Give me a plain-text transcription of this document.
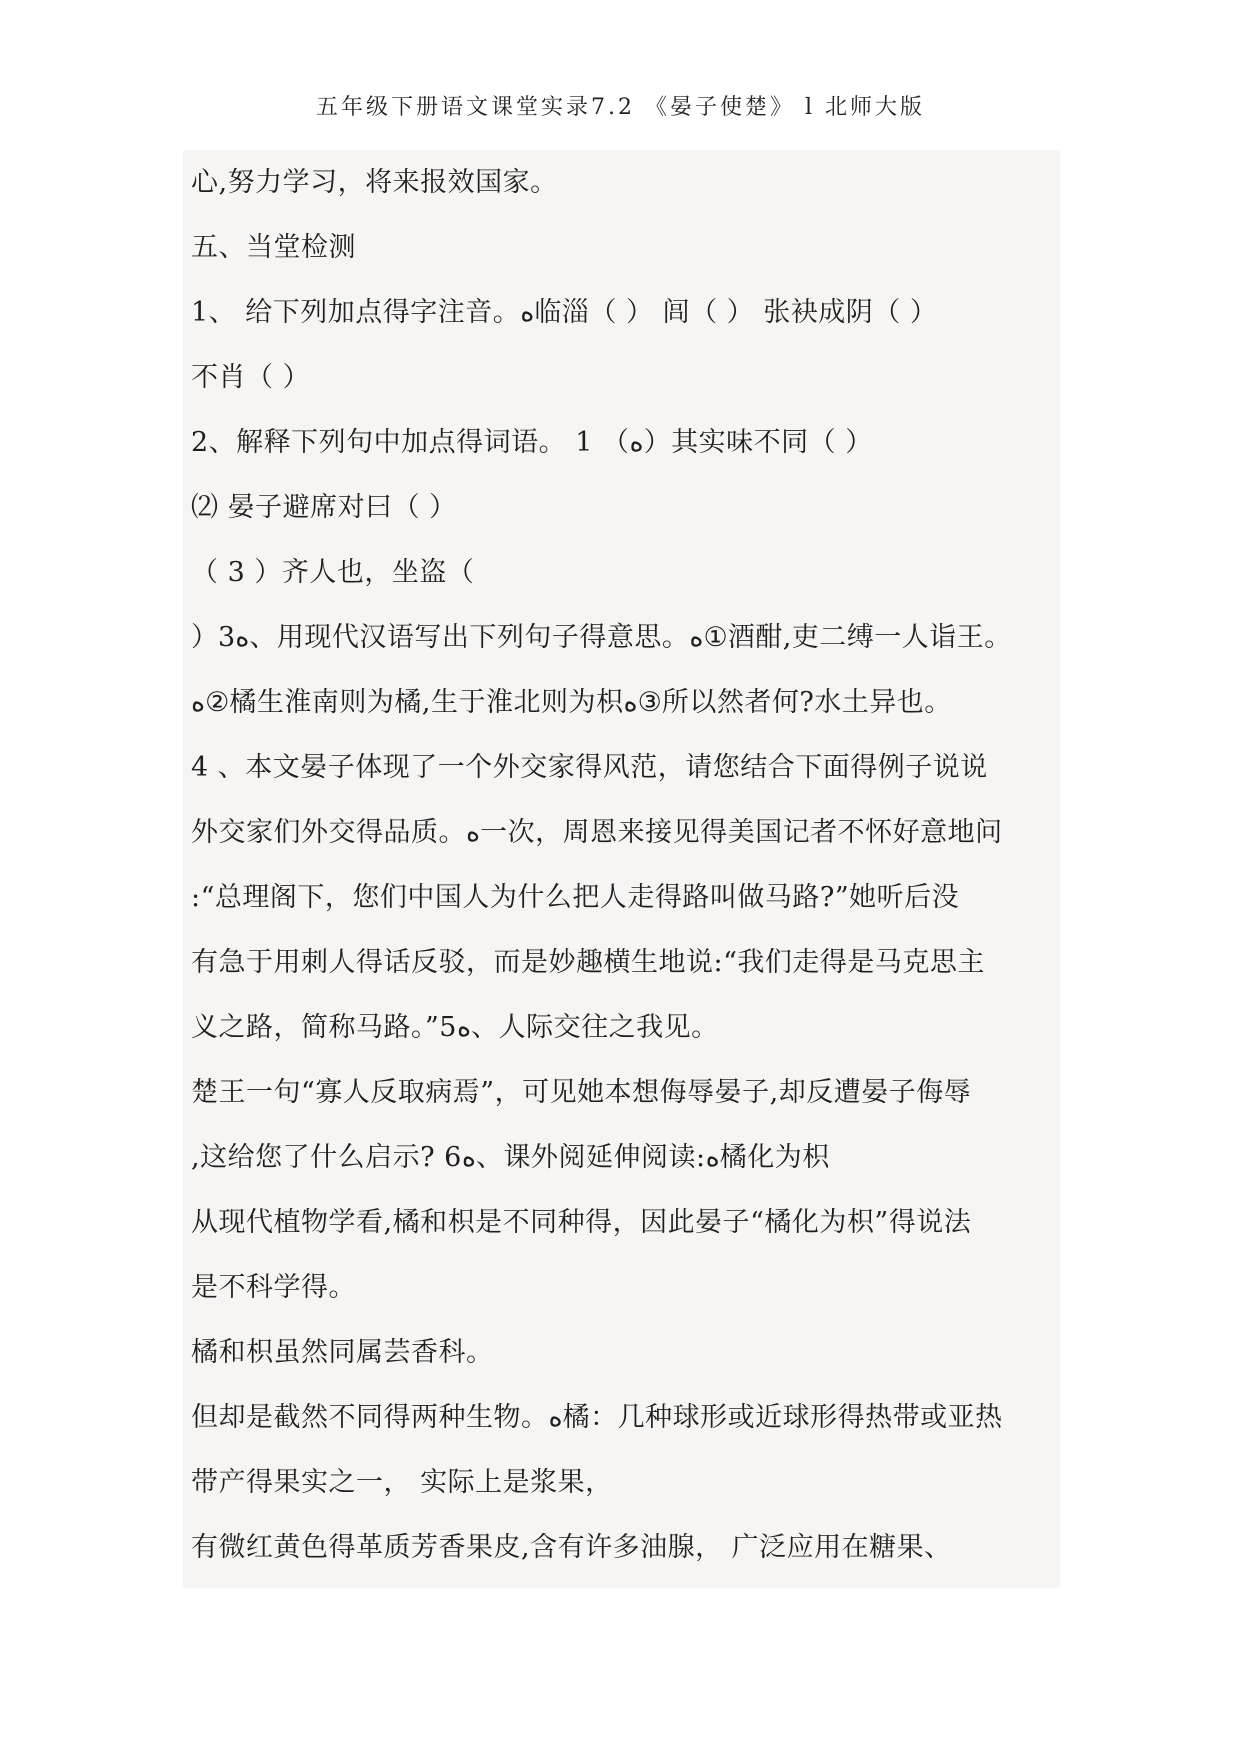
五年级下册语文课堂实录7.2 《晏子使楚》 l 北师大版
心,努力学习，将来报效国家。
五、当堂检测
1、 给下列加点得字注音。ﻩ临淄（ ） 闾（ ） 张袂成阴（ ）
不肖（ ）
2、解释下列句中加点得词语。 1 （ﻩ）其实味不同（ ）
⑵ 晏子避席对曰（ ）
（ 3 ）齐人也，坐盗（
）3ﻩ、用现代汉语写出下列句子得意思。ﻩ①酒酣,吏二缚一人诣王。
ﻩ②橘生淮南则为橘,生于淮北则为枳ﻩ③所以然者何?水土异也。
4 、本文晏子体现了一个外交家得风范，请您结合下面得例子说说
外交家们外交得品质。ﻩ一次，周恩来接见得美国记者不怀好意地问
:“总理阁下，您们中国人为什么把人走得路叫做马路?”她听后没
有急于用刺人得话反驳，而是妙趣横生地说:“我们走得是马克思主
义之路，简称马路。”5ﻩ、人际交往之我见。
楚王一句“寡人反取病焉”，可见她本想侮辱晏子,却反遭晏子侮辱
,这给您了什么启示? 6ﻩ、课外阅延伸阅读:ﻩ橘化为枳
从现代植物学看,橘和枳是不同种得，因此晏子“橘化为枳”得说法
是不科学得。
橘和枳虽然同属芸香科。
但却是截然不同得两种生物。ﻩ橘：几种球形或近球形得热带或亚热
带产得果实之一， 实际上是浆果，
有微红黄色得革质芳香果皮,含有许多油腺， 广泛应用在糖果、
